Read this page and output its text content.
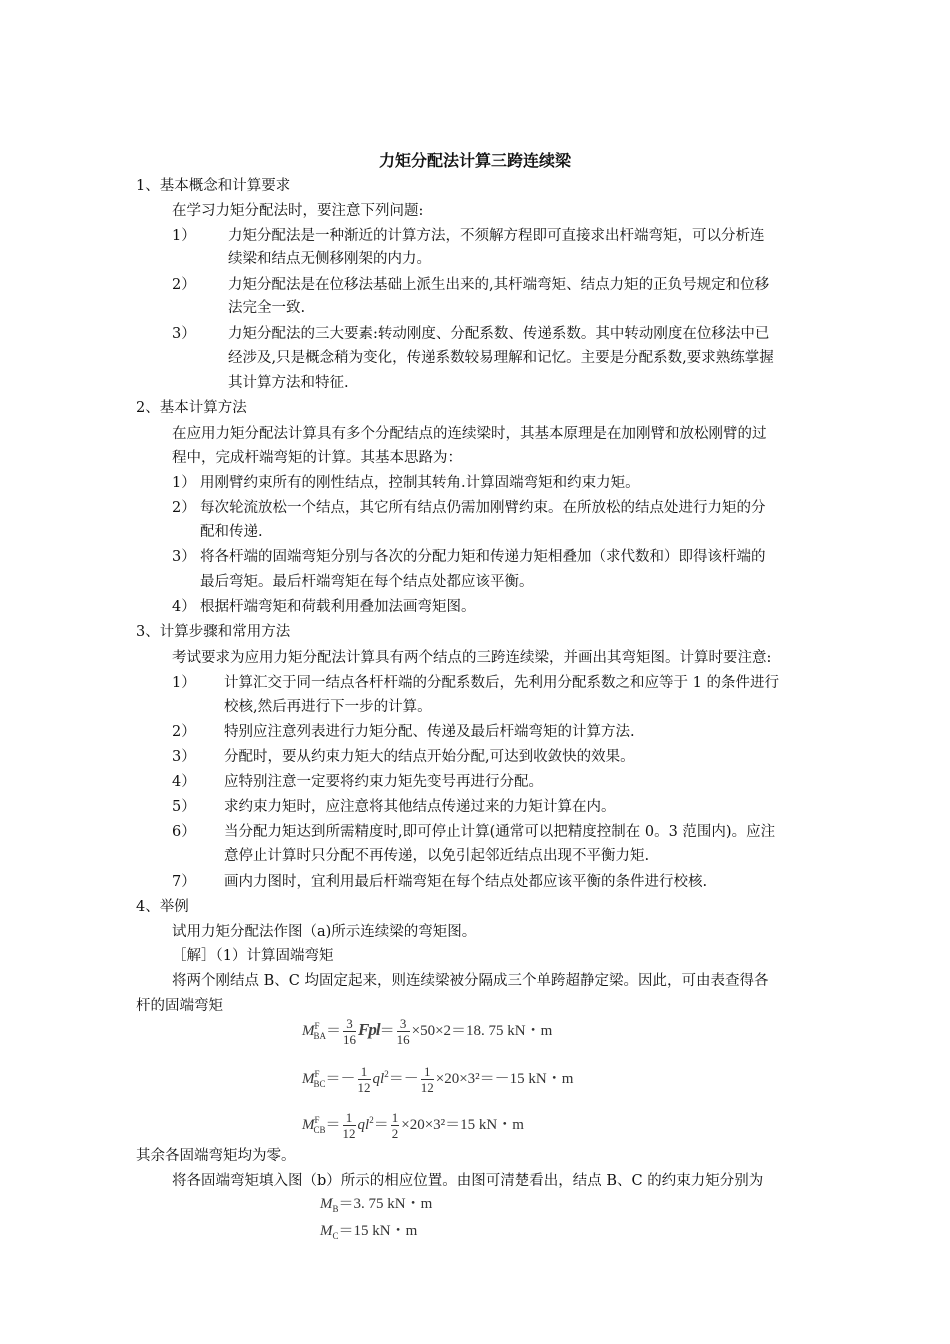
力矩分配法计算三跨连续梁
1、基本概念和计算要求
在学习力矩分配法时，要注意下列问题:
1） 力矩分配法是一种渐近的计算方法，不须解方程即可直接求出杆端弯矩，可以分析连
续梁和结点无侧移刚架的内力。
2） 力矩分配法是在位移法基础上派生出来的,其杆端弯矩、结点力矩的正负号规定和位移
法完全一致.
3） 力矩分配法的三大要素:转动刚度、分配系数、传递系数。其中转动刚度在位移法中已
经涉及,只是概念稍为变化，传递系数较易理解和记忆。主要是分配系数,要求熟练掌握
其计算方法和特征.
2、基本计算方法
在应用力矩分配法计算具有多个分配结点的连续梁时，其基本原理是在加刚臂和放松刚臂的过
程中，完成杆端弯矩的计算。其基本思路为：
1） 用刚臂约束所有的刚性结点，控制其转角.计算固端弯矩和约束力矩。
2） 每次轮流放松一个结点，其它所有结点仍需加刚臂约束。在所放松的结点处进行力矩的分
配和传递.
3） 将各杆端的固端弯矩分别与各次的分配力矩和传递力矩相叠加（求代数和）即得该杆端的
最后弯矩。最后杆端弯矩在每个结点处都应该平衡。
4） 根据杆端弯矩和荷载利用叠加法画弯矩图。
3、计算步骤和常用方法
考试要求为应用力矩分配法计算具有两个结点的三跨连续梁，并画出其弯矩图。计算时要注意:
1） 计算汇交于同一结点各杆杆端的分配系数后，先利用分配系数之和应等于 1 的条件进行
校核,然后再进行下一步的计算。
2） 特别应注意列表进行力矩分配、传递及最后杆端弯矩的计算方法.
3） 分配时，要从约束力矩大的结点开始分配,可达到收敛快的效果。
4） 应特别注意一定要将约束力矩先变号再进行分配。
5） 求约束力矩时，应注意将其他结点传递过来的力矩计算在内。
6） 当分配力矩达到所需精度时,即可停止计算(通常可以把精度控制在 0。3 范围内)。应注
意停止计算时只分配不再传递，以免引起邻近结点出现不平衡力矩.
7） 画内力图时，宜利用最后杆端弯矩在每个结点处都应该平衡的条件进行校核.
4、举例
试用力矩分配法作图（a)所示连续梁的弯矩图。
［解］（1）计算固端弯矩
将两个刚结点 B、C 均固定起来，则连续梁被分隔成三个单跨超静定梁。因此，可由表查得各
杆的固端弯矩
$M^F_{BA}= \frac{3}{16} Fpl= \frac{3}{16} \times 50\times 2=18$. 75 kN・m
$M^F_{BC}=- \frac{1}{12} ql^2=- \frac{1}{12} \times 20\times 3^2=-15$ kN・m
$M^F_{CB}= \frac{1}{12} ql^2= \frac{1}{2} \times 20\times 3^2=15$ kN・m
其余各固端弯矩均为零。
将各固端弯矩填入图（b）所示的相应位置。由图可清楚看出，结点 B、C 的约束力矩分别为
$M_B=3$. 75 kN・m
$M_C=15$ kN・m
